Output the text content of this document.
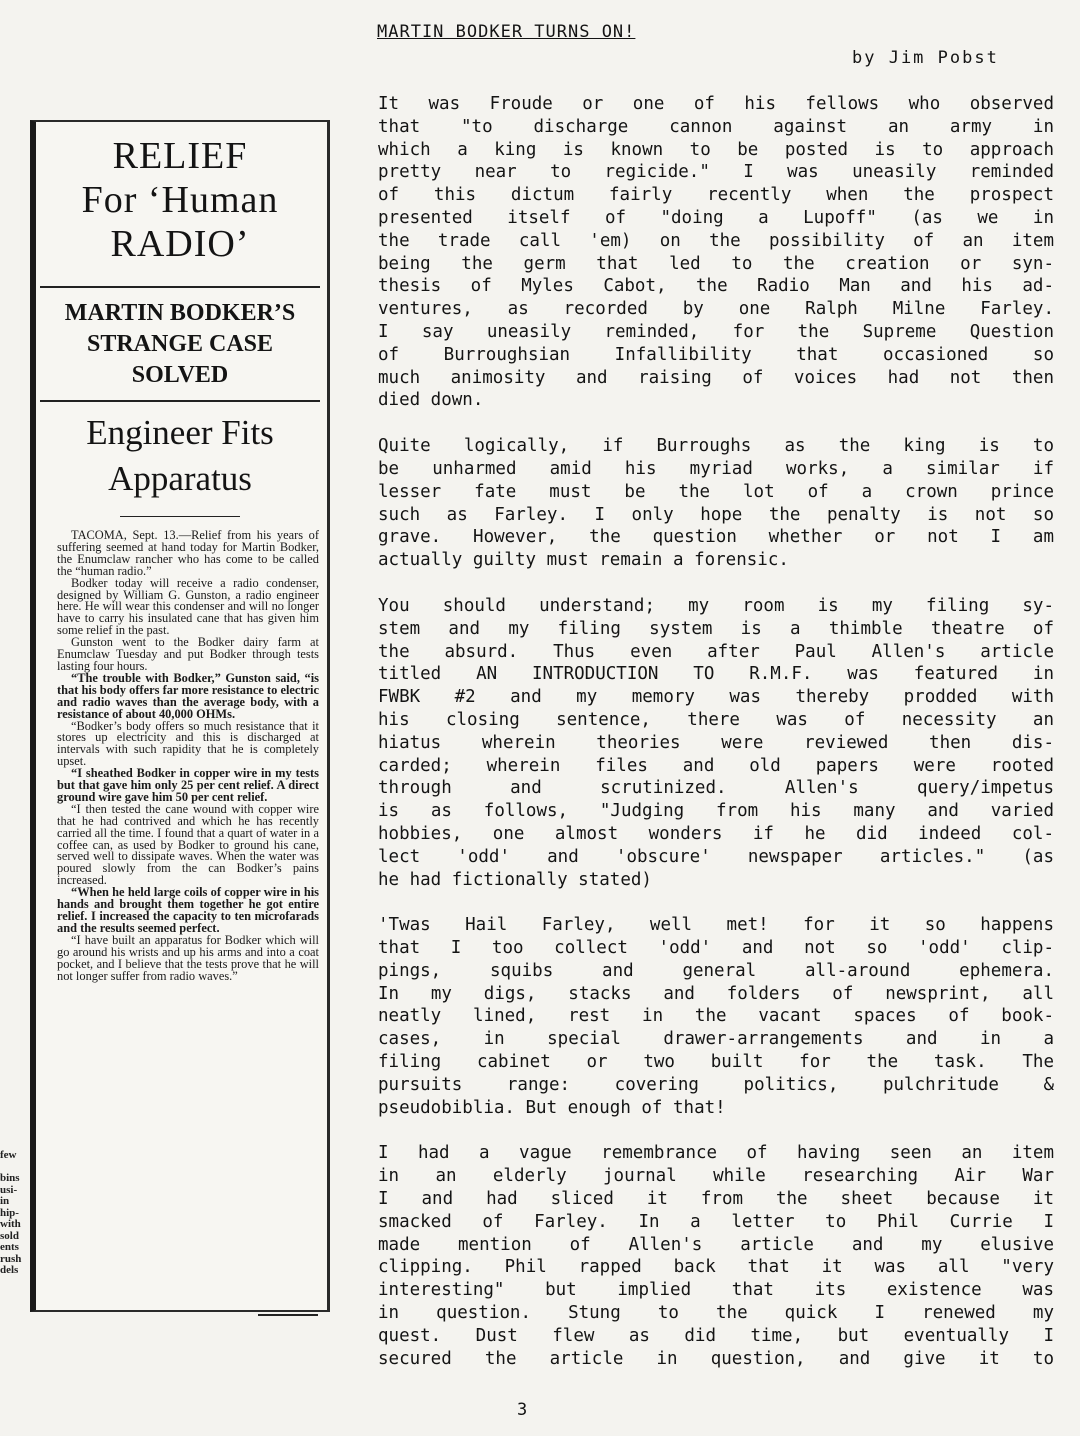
MARTIN BODKER TURNS ON!
by Jim Pobst
RELIEF
For ‘Human
RADIO’
MARTIN BODKER’S
STRANGE CASE
SOLVED
Engineer Fits
Apparatus

TACOMA, Sept. 13.—Relief from his years of suffering seemed at hand today for Martin Bodker, the Enumclaw rancher who has come to be called the “human radio.”

Bodker today will receive a radio condenser, designed by William G. Gunston, a radio engineer here. He will wear this condenser and will no longer have to carry his insulated cane that has given him some relief in the past.

Gunston went to the Bodker dairy farm at Enumclaw Tuesday and put Bodker through tests lasting four hours.

“The trouble with Bodker,” Gunston said, “is that his body offers far more resistance to electric and radio waves than the average body, with a resistance of about 40,000 OHMs.

“Bodker’s body offers so much resistance that it stores up electricity and this is discharged at intervals with such rapidity that he is completely upset.

“I sheathed Bodker in copper wire in my tests but that gave him only 25 per cent relief. A direct ground wire gave him 50 per cent relief.

“I then tested the cane wound with copper wire that he had contrived and which he has recently carried all the time. I found that a quart of water in a coffee can, as used by Bodker to ground his cane, served well to dissipate waves. When the water was poured slowly from the can Bodker’s pains increased.

“When he held large coils of copper wire in his hands and brought them together he got entire relief. I increased the capacity to ten microfarads and the results seemed perfect.

“I have built an apparatus for Bodker which will go around his wrists and up his arms and into a coat pocket, and I believe that the tests prove that he will not longer suffer from radio waves.”

few

bins
usi-
in
hip-
with
sold
ents
rush
dels
It was Froude or one of his fellows who observed
that "to discharge cannon against an army in
which a king is known to be posted is to approach
pretty near to regicide." I was uneasily reminded
of this dictum fairly recently when the prospect
presented itself of "doing a Lupoff" (as we in
the trade call 'em) on the possibility of an item
being the germ that led to the creation or syn-
thesis of Myles Cabot, the Radio Man and his ad-
ventures, as recorded by one Ralph Milne Farley.
I say uneasily reminded, for the Supreme Question
of Burroughsian Infallibility that occasioned so
much animosity and raising of voices had not then
died down.
Quite logically, if Burroughs as the king is to
be unharmed amid his myriad works, a similar if
lesser fate must be the lot of a crown prince
such as Farley. I only hope the penalty is not so
grave. However, the question whether or not I am
actually guilty must remain a forensic.
You should understand; my room is my filing sy-
stem and my filing system is a thimble theatre of
the absurd. Thus even after Paul Allen's article
titled AN INTRODUCTION TO R.M.F. was featured in
FWBK #2 and my memory was thereby prodded with
his closing sentence, there was of necessity an
hiatus wherein theories were reviewed then dis-
carded; wherein files and old papers were rooted
through and scrutinized. Allen's query/impetus
is as follows, "Judging from his many and varied
hobbies, one almost wonders if he did indeed col-
lect 'odd' and 'obscure' newspaper articles." (as
he had fictionally stated)
'Twas Hail Farley, well met! for it so happens
that I too collect 'odd' and not so 'odd' clip-
pings, squibs and general all-around ephemera.
In my digs, stacks and folders of newsprint, all
neatly lined, rest in the vacant spaces of book-
cases, in special drawer-arrangements and in a
filing cabinet or two built for the task. The
pursuits range: covering politics, pulchritude &
pseudobiblia. But enough of that!
I had a vague remembrance of having seen an item
in an elderly journal while researching Air War
I and had sliced it from the sheet because it
smacked of Farley. In a letter to Phil Currie I
made mention of Allen's article and my elusive
clipping. Phil rapped back that it was all "very
interesting" but implied that its existence was
in question. Stung to the quick I renewed my
quest. Dust flew as did time, but eventually I
secured the article in question, and give it to
3
